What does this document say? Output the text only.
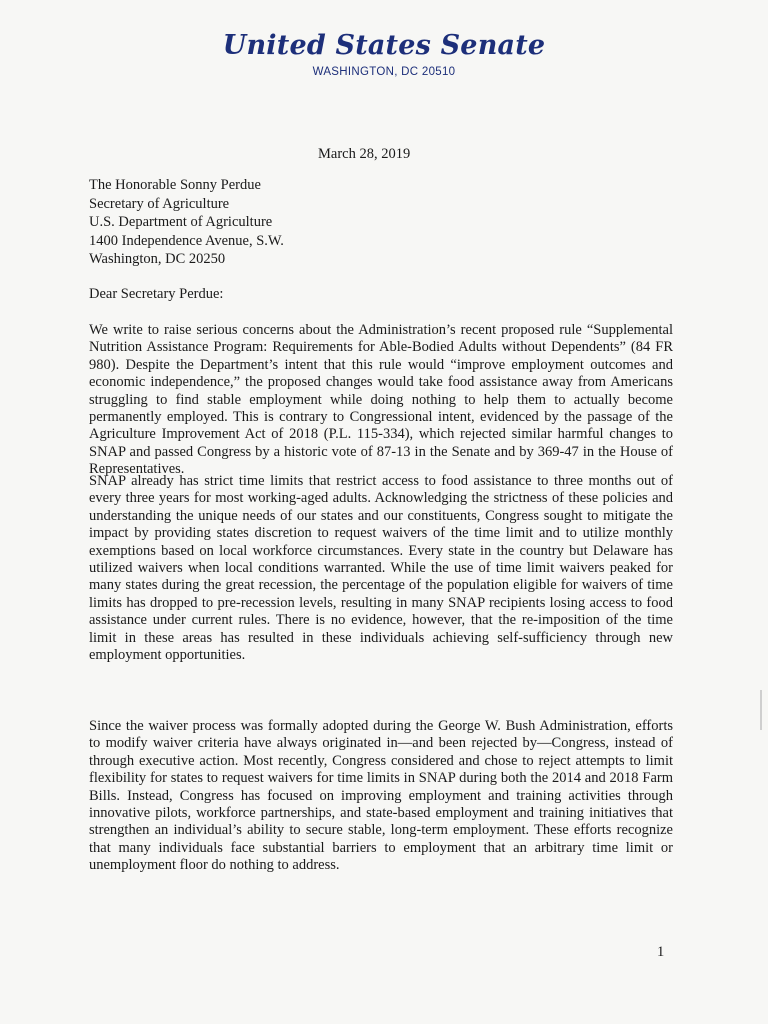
United States Senate
WASHINGTON, DC 20510
March 28, 2019
The Honorable Sonny Perdue
Secretary of Agriculture
U.S. Department of Agriculture
1400 Independence Avenue, S.W.
Washington, DC 20250
Dear Secretary Perdue:
We write to raise serious concerns about the Administration’s recent proposed rule “Supplemental Nutrition Assistance Program: Requirements for Able-Bodied Adults without Dependents” (84 FR 980). Despite the Department’s intent that this rule would “improve employment outcomes and economic independence,” the proposed changes would take food assistance away from Americans struggling to find stable employment while doing nothing to help them to actually become permanently employed. This is contrary to Congressional intent, evidenced by the passage of the Agriculture Improvement Act of 2018 (P.L. 115-334), which rejected similar harmful changes to SNAP and passed Congress by a historic vote of 87-13 in the Senate and by 369-47 in the House of Representatives.
SNAP already has strict time limits that restrict access to food assistance to three months out of every three years for most working-aged adults. Acknowledging the strictness of these policies and understanding the unique needs of our states and our constituents, Congress sought to mitigate the impact by providing states discretion to request waivers of the time limit and to utilize monthly exemptions based on local workforce circumstances. Every state in the country but Delaware has utilized waivers when local conditions warranted. While the use of time limit waivers peaked for many states during the great recession, the percentage of the population eligible for waivers of time limits has dropped to pre-recession levels, resulting in many SNAP recipients losing access to food assistance under current rules. There is no evidence, however, that the re-imposition of the time limit in these areas has resulted in these individuals achieving self-sufficiency through new employment opportunities.
Since the waiver process was formally adopted during the George W. Bush Administration, efforts to modify waiver criteria have always originated in—and been rejected by—Congress, instead of through executive action. Most recently, Congress considered and chose to reject attempts to limit flexibility for states to request waivers for time limits in SNAP during both the 2014 and 2018 Farm Bills. Instead, Congress has focused on improving employment and training activities through innovative pilots, workforce partnerships, and state-based employment and training initiatives that strengthen an individual’s ability to secure stable, long-term employment. These efforts recognize that many individuals face substantial barriers to employment that an arbitrary time limit or unemployment floor do nothing to address.
1
